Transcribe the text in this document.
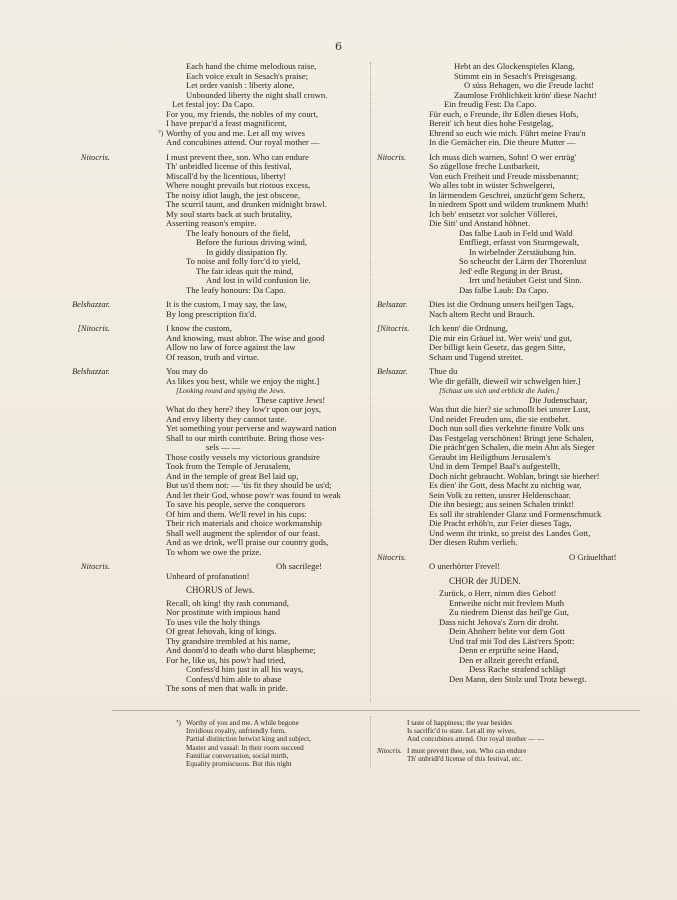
6
Each hand the chime melodious raise,
Each voice exult in Sesach's praise;
Let order vanish : liberty alone,
Unbounded liberty the night shall crown.
Let festal joy: Da Capo.
For you, my friends, the nobles of my court,
I have prepar'd a feast magnificent,
Worthy of you and me. Let all my wives
And concubines attend. Our royal mother —
Nitocris.	I must prevent thee, son. Who can endure
Th' unbridled license of this festival,
Miscall'd by the licentious, liberty!
Where nought prevails but riotous excess,
The noisy idiot laugh, the jest obscene,
The scurril taunt, and drunken midnight brawl.
My soul starts back at such brutality,
Asserting reason's empire.
The leafy honours of the field,
Before the furious driving wind,
In giddy dissipation fly.
To noise and folly forc'd to yield,
The fair ideas quit the mind,
And lost in wild confusion lie.
The leafy honours: Da Capo.
Belshazzar.	It is the custom, I may say, the law,
By long prescription fix'd.
[Nitocris.	I know the custom,
And knowing, must abhor. The wise and good
Allow no law of force against the law
Of reason, truth and virtue.
Belshazzar.	You may do
As likes you best, while we enjoy the night.]
[Looking round and spying the Jews.
These captive Jews!
What do they here? they low'r upon our joys,
And envy liberty they cannot taste.
Yet something your perverse and wayward nation
Shall to our mirth contribute. Bring those ves-
sels — —
Those costly vessels my victorious grandsire
Took from the Temple of Jerusalem,
And in the temple of great Bel laid up,
But us'd them not: — 'tis fit they should be us'd;
And let their God, whose pow'r was found to weak
To save his people, serve the conquerors
Of him and them. We'll revel in his cups:
Their rich materials and choice workmanship
Shall well augment the splendor of our feast.
And as we drink, we'll praise our country gods,
To whom we owe the prize.
Nitocris.	Oh sacrilege!
Unheard of profanation!
CHORUS of Jews.
Recall, oh king! thy rash command,
Nor prostitute with impious hand
To uses vile the holy things
Of great Jehovah, king of kings.
Thy grandsire trembled at his name,
And doom'd to death who durst blaspheme;
For he, like us, his pow'r had tried,
Confess'd him just in all his ways,
Confess'd him able to abase
The sons of men that walk in pride.
⁷)
Hebt an des Glockenspieles Klang,
Stimmt ein in Sesach's Preisgesang.
O süss Behagen, wo die Freude lacht!
Zaumlose Fröhlichkeit krön' diese Nacht!
Ein freudig Fest: Da Capo.
Für euch, o Freunde, ihr Edlen dieses Hofs,
Bereit' ich heut dies hohe Festgelag,
Ehrend so euch wie mich. Führt meine Frau'n
In die Gemächer ein. Die theure Mutter —
Nitocris.	Ich muss dich warnen, Sohn! O wer erträg'
So zügellose freche Lustbarkeit,
Von euch Freiheit und Freude missbenannt;
Wo alles tobt in wüster Schwelgerei,
In lärmendem Geschrei, unzücht'gem Scherz,
In niedrem Spott und wildem trunknem Muth!
Ich beb' entsetzt vor solcher Völlerei,
Die Sitt' und Anstand höhnet.
Das falbe Laub in Feld und Wald
Entfliegt, erfasst von Sturmgewalt,
In wirbelnder Zerstäubung hin.
So scheucht der Lärm der Thorenlust
Jed' edle Regung in der Brust,
Irrt und betäubet Geist und Sinn.
Das falbe Laub: Da Capo.
Belsazar.	Dies ist die Ordnung unsers heil'gen Tags,
Nach altem Recht und Brauch.
[Nitocris.	Ich kenn' die Ordnung,
Die mir ein Gräuel ist. Wer weis' und gut,
Der billigt kein Gesetz, das gegen Sitte,
Scham und Tugend streitet.
Belsazar.	Thue du
Wie dir gefällt, dieweil wir schwelgen hier.]
[Schaut um sich und erblickt die Juden.]
Die Judenschaar,
Was thut die hier? sie schmollt bei unsrer Lust,
Und neidet Freuden uns, die sie entbehrt.
Doch nun soll dies verkehrte finstre Volk uns
Das Festgelag verschönen! Bringt jene Schalen,
Die prächt'gen Schalen, die mein Ahn als Sieger
Geraubt im Heiligthum Jerusalem's
Und in dem Tempel Baal's aufgestellt,
Doch nicht gebraucht. Wohlan, bringt sie hierher!
Es dien' ihr Gott, dess Macht zu nichtig war,
Sein Volk zu retten, unsrer Heldenschaar.
Die ihn besiegt; aus seinen Schalen trinkt!
Es soll ihr strahlender Glanz und Formenschmuck
Die Pracht erhöh'n, zur Feier dieses Tags,
Und wenn ihr trinkt, so preist des Landes Gott,
Der diesen Ruhm verlieh.
Nitocris.	O Gräuelthat!
O unerhörter Frevel!
CHOR der JUDEN.
Zurück, o Herr, nimm dies Gebot!
Entweihe nicht mit frevlem Muth
Zu niedrem Dienst das heil'ge Gut,
Dass nicht Jehova's Zorn dir droht.
Dein Ahnherr bebte vor dem Gott
Und traf mit Tod des Läst'rers Spott:
Denn er erprüfte seine Hand,
Den er allzeit gerecht erfand,
Dess Rache strafend schlägt
Den Mann, den Stolz und Trotz bewegt.
⁷) Worthy of you and me. A while begone
Invidious royalty, unfriendly form,
Partial distinction betwixt king and subject,
Master and vassal: In their room succeed
Familiar conversation, social mirth,
Equality promiscuous. But this night
I taste of happiness; the year besides
Is sacrific'd to state. Let all my wives,
And concubines attend. Our royal mother — —
Nitocris. I must prevent thee, son. Who can endure
Th' unbridl'd license of this festival, etc.
